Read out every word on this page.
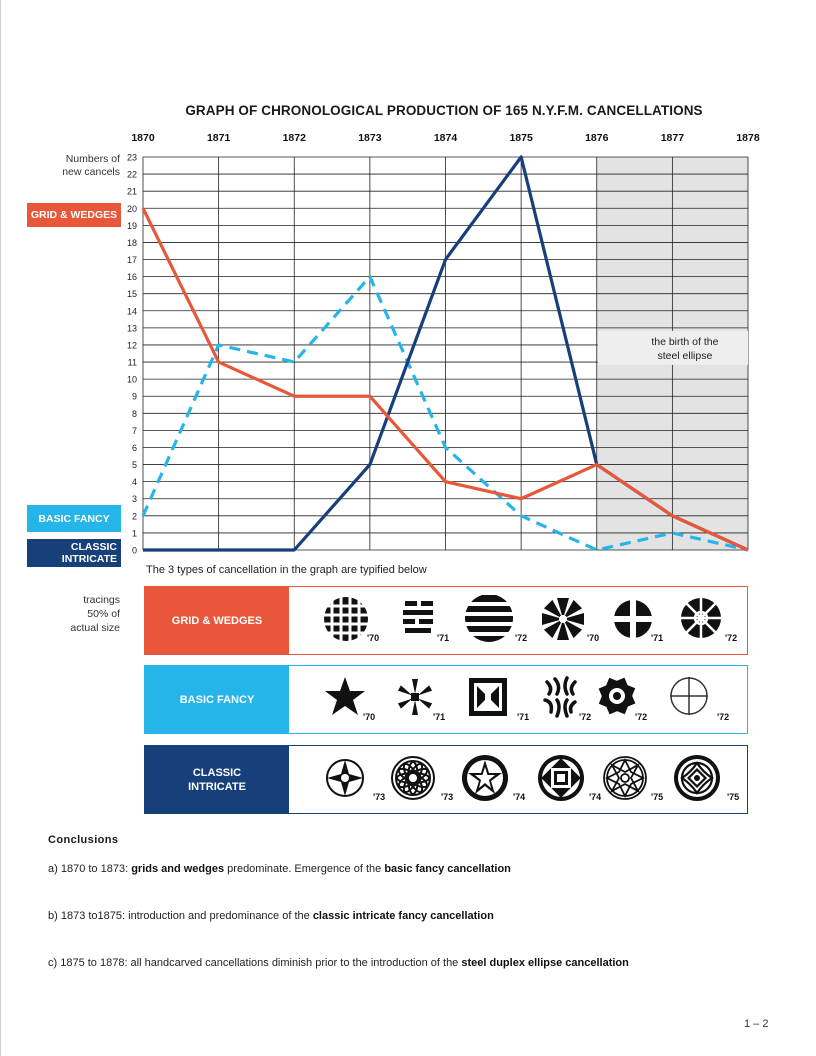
GRAPH OF CHRONOLOGICAL PRODUCTION OF 165 N.Y.F.M. CANCELLATIONS
1870	1871	1872	1873	1874	1875	1876	1877	1878
0
1
2
3
4
5
6
7
8
9
10
11
12
13
14
15
16
17
18
19
20
21
22
23
the birth of the
steel ellipse
Numbers of
new cancels
GRID & WEDGES
BASIC FANCY
CLASSIC
INTRICATE
The 3 types of cancellation in the graph are typified below
tracings
50% of
actual size
GRID & WEDGES
'70	'71	'72	'70	'71	'72
BASIC FANCY
'70	'71	'71	'72	'72	'72
CLASSIC
INTRICATE
'73	'73	'74	'74	'75	'75
Conclusions
a) 1870 to 1873: grids and wedges predominate. Emergence of the basic fancy cancellation
b) 1873 to1875: introduction and predominance of the classic intricate fancy cancellation
c) 1875 to 1878: all handcarved cancellations diminish prior to the introduction of the steel duplex ellipse cancellation
1 – 2
